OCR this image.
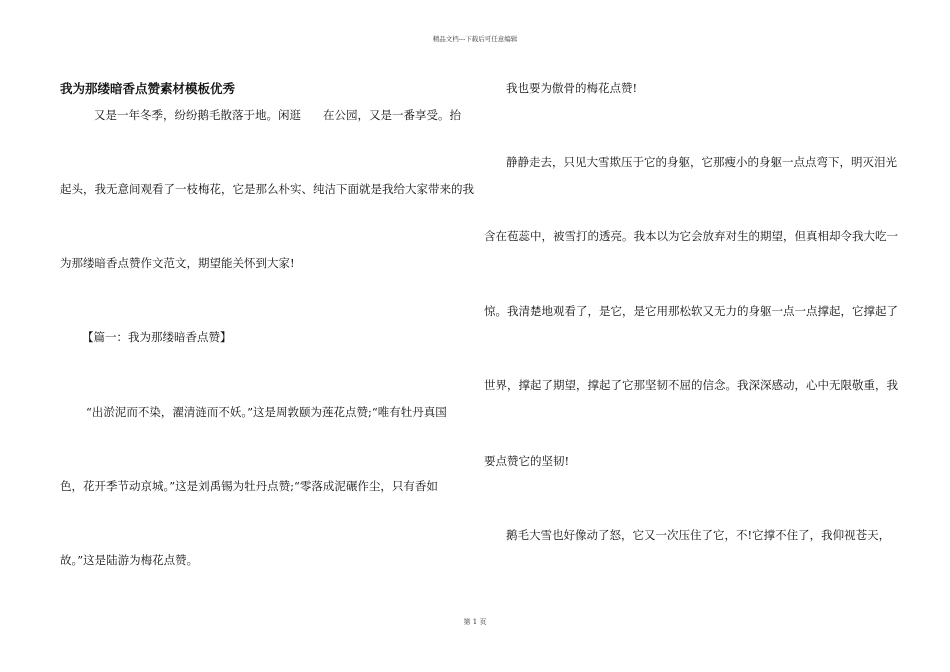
精品文档---下载后可任意编辑
我为那缕暗香点赞素材模板优秀
又是一年冬季，纷纷鹅毛散落于地。闲逛 在公园，又是一番享受。抬
起头，我无意间观看了一枝梅花，它是那么朴实、纯洁下面就是我给大家带来的我
为那缕暗香点赞作文范文，期望能关怀到大家!
【篇一：我为那缕暗香点赞】
“出淤泥而不染，濯清涟而不妖。”这是周敦颐为莲花点赞;“唯有牡丹真国
色，花开季节动京城。”这是刘禹锡为牡丹点赞;“零落成泥碾作尘，只有香如
故。”这是陆游为梅花点赞。
我也要为傲骨的梅花点赞!
静静走去，只见大雪欺压于它的身躯，它那瘦小的身躯一点点弯下，明灭泪光
含在苞蕊中，被雪打的透亮。我本以为它会放弃对生的期望，但真相却令我大吃一
惊。我清楚地观看了，是它，是它用那松软又无力的身躯一点一点撑起，它撑起了
世界，撑起了期望，撑起了它那坚韧不屈的信念。我深深感动，心中无限敬重，我
要点赞它的坚韧!
鹅毛大雪也好像动了怒，它又一次压住了它，不!它撑不住了，我仰视苍天，
第 1 页
